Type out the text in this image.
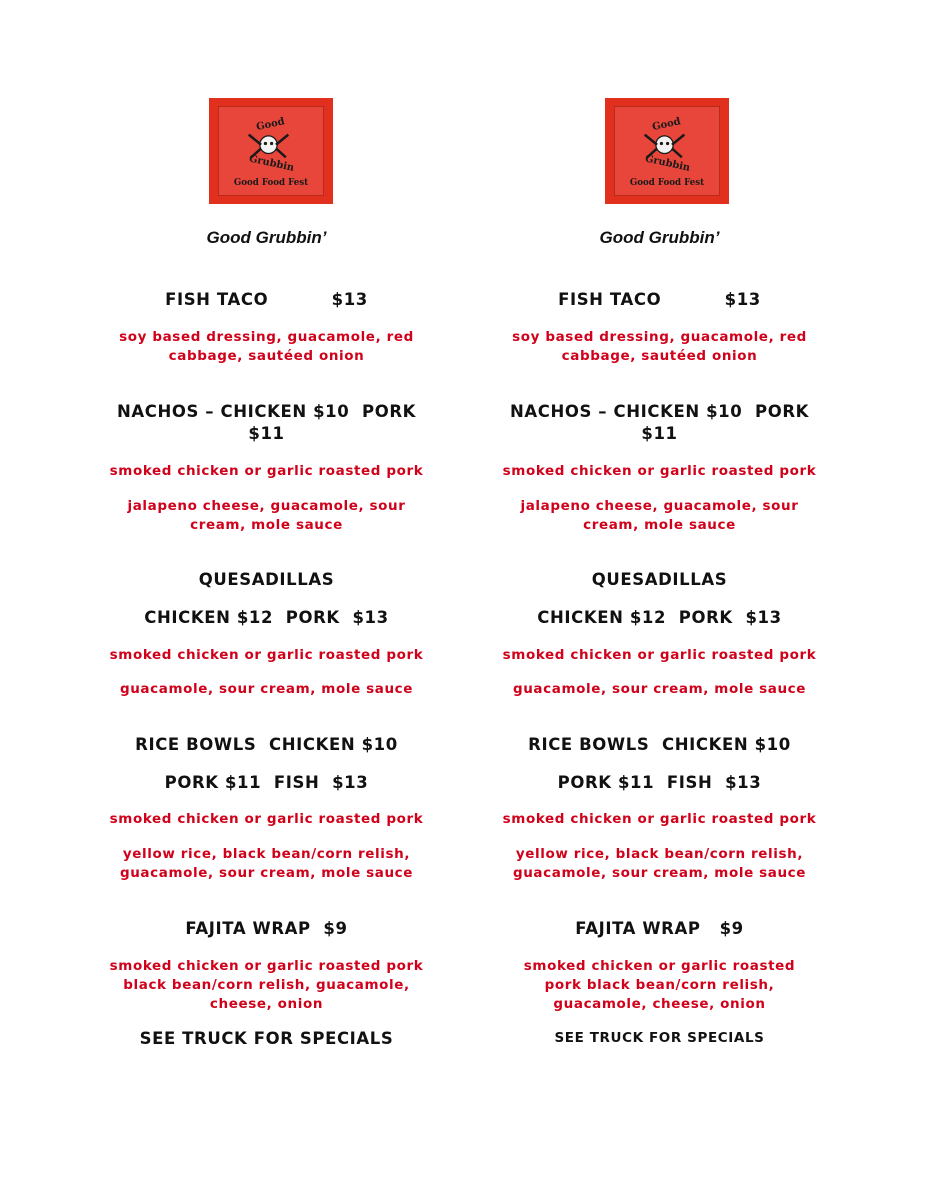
Good
Grubbin
Good Food Fest
Good Grubbin’
FISH TACO          $13
soy based dressing, guacamole, red
cabbage, sautéed onion
NACHOS – CHICKEN $10  PORK
$11
smoked chicken or garlic roasted pork
jalapeno cheese, guacamole, sour
cream, mole sauce
QUESADILLAS
CHICKEN $12  PORK  $13
smoked chicken or garlic roasted pork
guacamole, sour cream, mole sauce
RICE BOWLS  CHICKEN $10
PORK $11  FISH  $13
smoked chicken or garlic roasted pork
yellow rice, black bean/corn relish,
guacamole, sour cream, mole sauce
FAJITA WRAP  $9
smoked chicken or garlic roasted pork
black bean/corn relish, guacamole,
cheese, onion
SEE TRUCK FOR SPECIALS
Good
Grubbin
Good Food Fest
Good Grubbin’
FISH TACO          $13
soy based dressing, guacamole, red
cabbage, sautéed onion
NACHOS – CHICKEN $10  PORK
$11
smoked chicken or garlic roasted pork
jalapeno cheese, guacamole, sour
cream, mole sauce
QUESADILLAS
CHICKEN $12  PORK  $13
smoked chicken or garlic roasted pork
guacamole, sour cream, mole sauce
RICE BOWLS  CHICKEN $10
PORK $11  FISH  $13
smoked chicken or garlic roasted pork
yellow rice, black bean/corn relish,
guacamole, sour cream, mole sauce
FAJITA WRAP   $9
smoked chicken or garlic roasted
pork black bean/corn relish,
guacamole, cheese, onion
SEE TRUCK FOR SPECIALS
